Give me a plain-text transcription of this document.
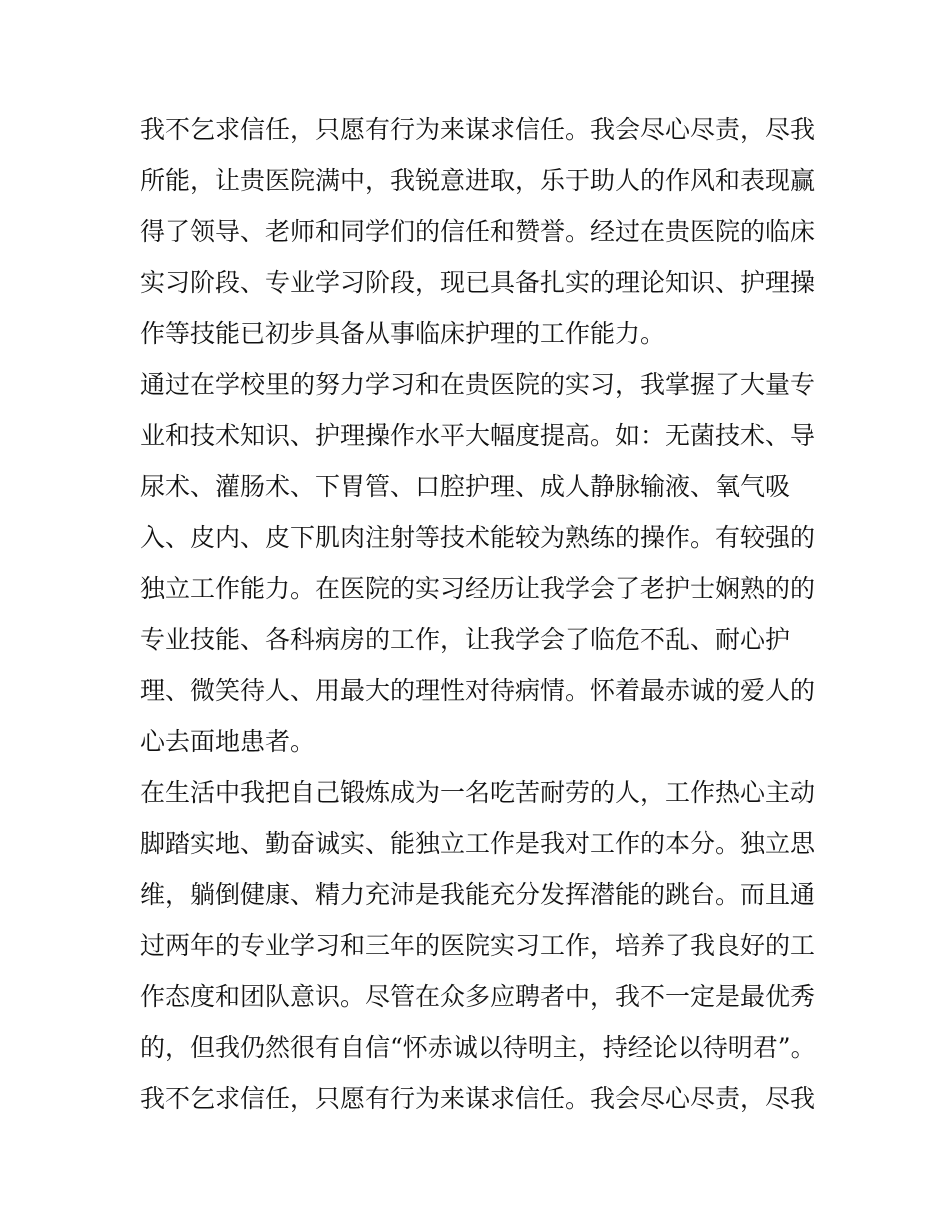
我不乞求信任，只愿有行为来谋求信任。我会尽心尽责，尽我
所能，让贵医院满中，我锐意进取，乐于助人的作风和表现赢
得了领导、老师和同学们的信任和赞誉。经过在贵医院的临床
实习阶段、专业学习阶段，现已具备扎实的理论知识、护理操
作等技能已初步具备从事临床护理的工作能力。
通过在学校里的努力学习和在贵医院的实习，我掌握了大量专
业和技术知识、护理操作水平大幅度提高。如：无菌技术、导
尿术、灌肠术、下胃管、口腔护理、成人静脉输液、氧气吸
入、皮内、皮下肌肉注射等技术能较为熟练的操作。有较强的
独立工作能力。在医院的实习经历让我学会了老护士娴熟的的
专业技能、各科病房的工作，让我学会了临危不乱、耐心护
理、微笑待人、用最大的理性对待病情。怀着最赤诚的爱人的
心去面地患者。
在生活中我把自己锻炼成为一名吃苦耐劳的人，工作热心主动
脚踏实地、勤奋诚实、能独立工作是我对工作的本分。独立思
维，躺倒健康、精力充沛是我能充分发挥潜能的跳台。而且通
过两年的专业学习和三年的医院实习工作，培养了我良好的工
作态度和团队意识。尽管在众多应聘者中，我不一定是最优秀
的，但我仍然很有自信“怀赤诚以待明主，持经论以待明君”。
我不乞求信任，只愿有行为来谋求信任。我会尽心尽责，尽我
